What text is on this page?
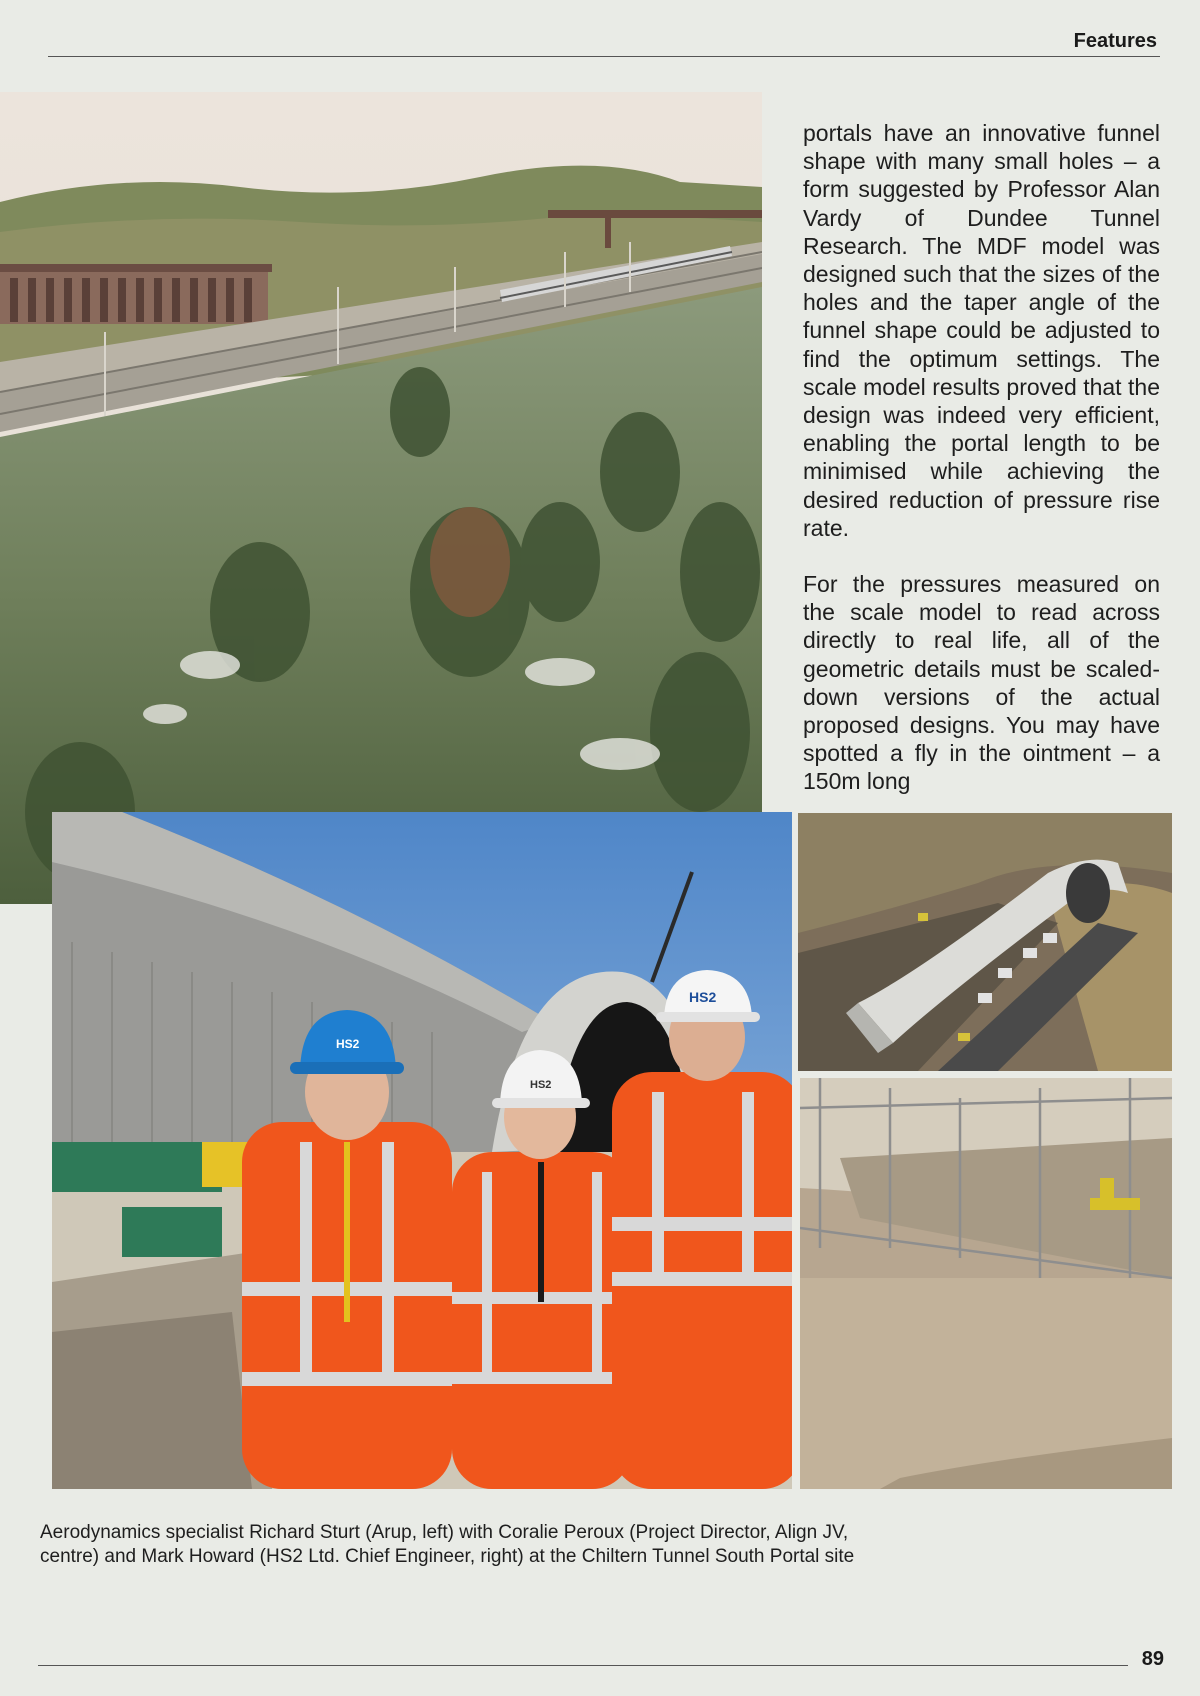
Features

portals have an innovative funnel shape with many small holes – a form suggested by Professor Alan Vardy of Dundee Tunnel Research. The MDF model was designed such that the sizes of the holes and the taper angle of the funnel shape could be adjusted to find the optimum settings. The scale model results proved that the design was indeed very efficient, enabling the portal length to be minimised while achieving the desired reduction of pressure rise rate.

For the pressures measured on the scale model to read across directly to real life, all of the geometric details must be scaled-down versions of the actual proposed designs. You may have spotted a fly in the ointment – a 150m long

HS2
HS2
HS2
Aerodynamics specialist Richard Sturt (Arup, left) with Coralie Peroux (Project Director, Align JV,
centre) and Mark Howard (HS2 Ltd. Chief Engineer, right) at the Chiltern Tunnel South Portal site
89
